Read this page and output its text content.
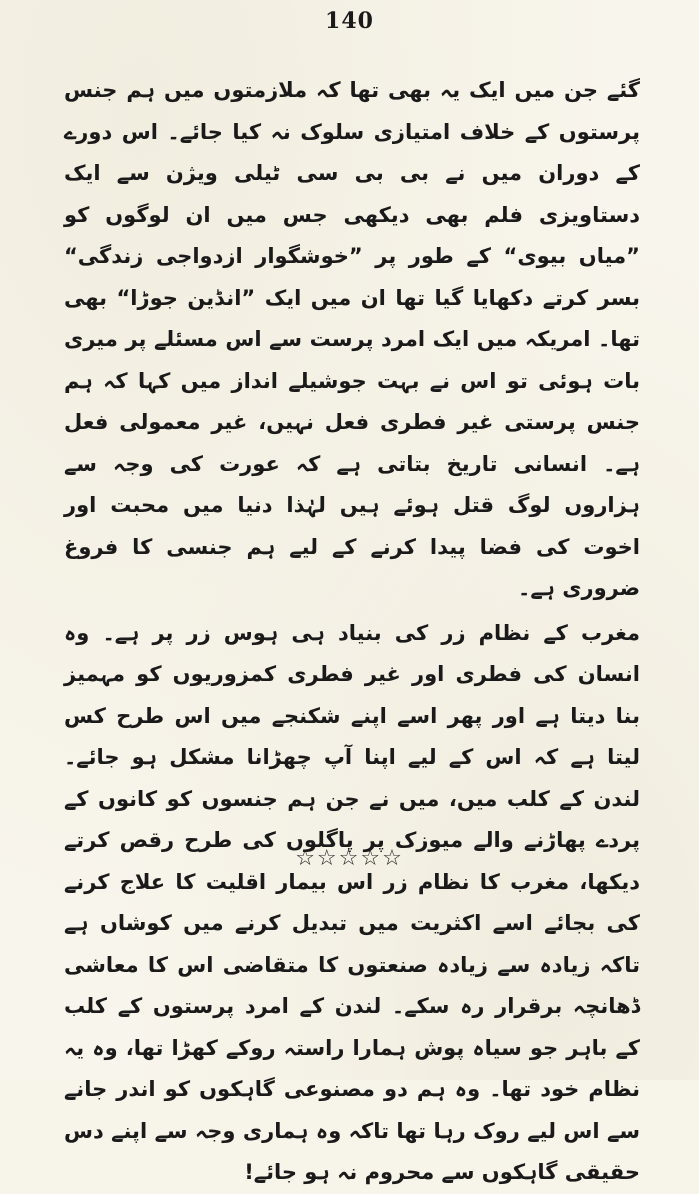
140

گئے جن میں ایک یہ بھی تھا کہ ملازمتوں میں ہم جنس پرستوں کے خلاف امتیازی سلوک نہ کیا جائے۔ اس دورے کے دوران میں نے بی بی سی ٹیلی ویژن سے ایک دستاویزی فلم بھی دیکھی جس میں ان لوگوں کو ”میاں بیوی“ کے طور پر ”خوشگوار ازدواجی زندگی“ بسر کرتے دکھایا گیا تھا ان میں ایک ”انڈین جوڑا“ بھی تھا۔ امریکہ میں ایک امرد پرست سے اس مسئلے پر میری بات ہوئی تو اس نے بہت جوشیلے انداز میں کہا کہ ہم جنس پرستی غیر فطری فعل نہیں، غیر معمولی فعل ہے۔ انسانی تاریخ بتاتی ہے کہ عورت کی وجہ سے ہزاروں لوگ قتل ہوئے ہیں لہٰذا دنیا میں محبت اور اخوت کی فضا پیدا کرنے کے لیے ہم جنسی کا فروغ ضروری ہے۔

مغرب کے نظام زر کی بنیاد ہی ہوس زر پر ہے۔ وہ انسان کی فطری اور غیر فطری کمزوریوں کو مہمیز بنا دیتا ہے اور پھر اسے اپنے شکنجے میں اس طرح کس لیتا ہے کہ اس کے لیے اپنا آپ چھڑانا مشکل ہو جائے۔ لندن کے کلب میں، میں نے جن ہم جنسوں کو کانوں کے پردے پھاڑنے والے میوزک پر پاگلوں کی طرح رقص کرتے دیکھا، مغرب کا نظام زر اس بیمار اقلیت کا علاج کرنے کی بجائے اسے اکثریت میں تبدیل کرنے میں کوشاں ہے تاکہ زیادہ سے زیادہ صنعتوں کا متقاضی اس کا معاشی ڈھانچہ برقرار رہ سکے۔ لندن کے امرد پرستوں کے کلب کے باہر جو سیاہ پوش ہمارا راستہ روکے کھڑا تھا، وہ یہ نظام خود تھا۔ وہ ہم دو مصنوعی گاہکوں کو اندر جانے سے اس لیے روک رہا تھا تاکہ وہ ہماری وجہ سے اپنے دس حقیقی گاہکوں سے محروم نہ ہو جائے!

☆☆☆☆☆
